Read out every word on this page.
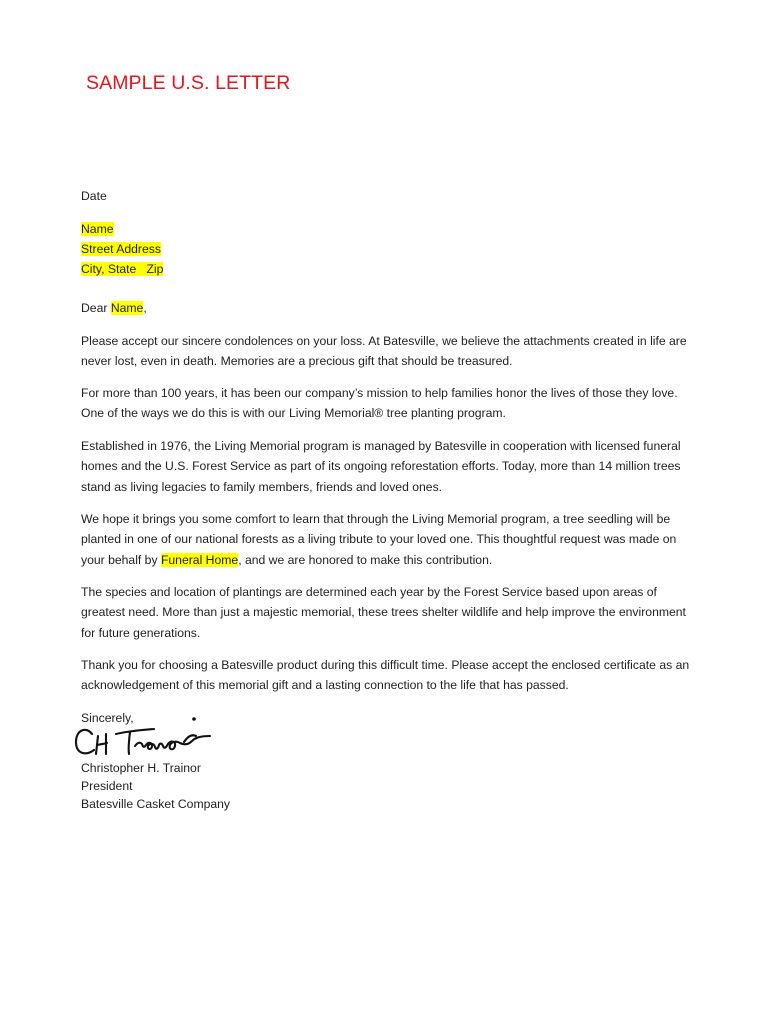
SAMPLE U.S. LETTER
Date
Name
Street Address
City, State   Zip
Dear Name,
Please accept our sincere condolences on your loss. At Batesville, we believe the attachments created in life are never lost, even in death. Memories are a precious gift that should be treasured.
For more than 100 years, it has been our company’s mission to help families honor the lives of those they love. One of the ways we do this is with our Living Memorial® tree planting program.
Established in 1976, the Living Memorial program is managed by Batesville in cooperation with licensed funeral homes and the U.S. Forest Service as part of its ongoing reforestation efforts. Today, more than 14 million trees stand as living legacies to family members, friends and loved ones.
We hope it brings you some comfort to learn that through the Living Memorial program, a tree seedling will be planted in one of our national forests as a living tribute to your loved one. This thoughtful request was made on your behalf by Funeral Home, and we are honored to make this contribution.
The species and location of plantings are determined each year by the Forest Service based upon areas of greatest need. More than just a majestic memorial, these trees shelter wildlife and help improve the environment for future generations.
Thank you for choosing a Batesville product during this difficult time. Please accept the enclosed certificate as an acknowledgement of this memorial gift and a lasting connection to the life that has passed.
Sincerely,
Christopher H. Trainor
President
Batesville Casket Company
